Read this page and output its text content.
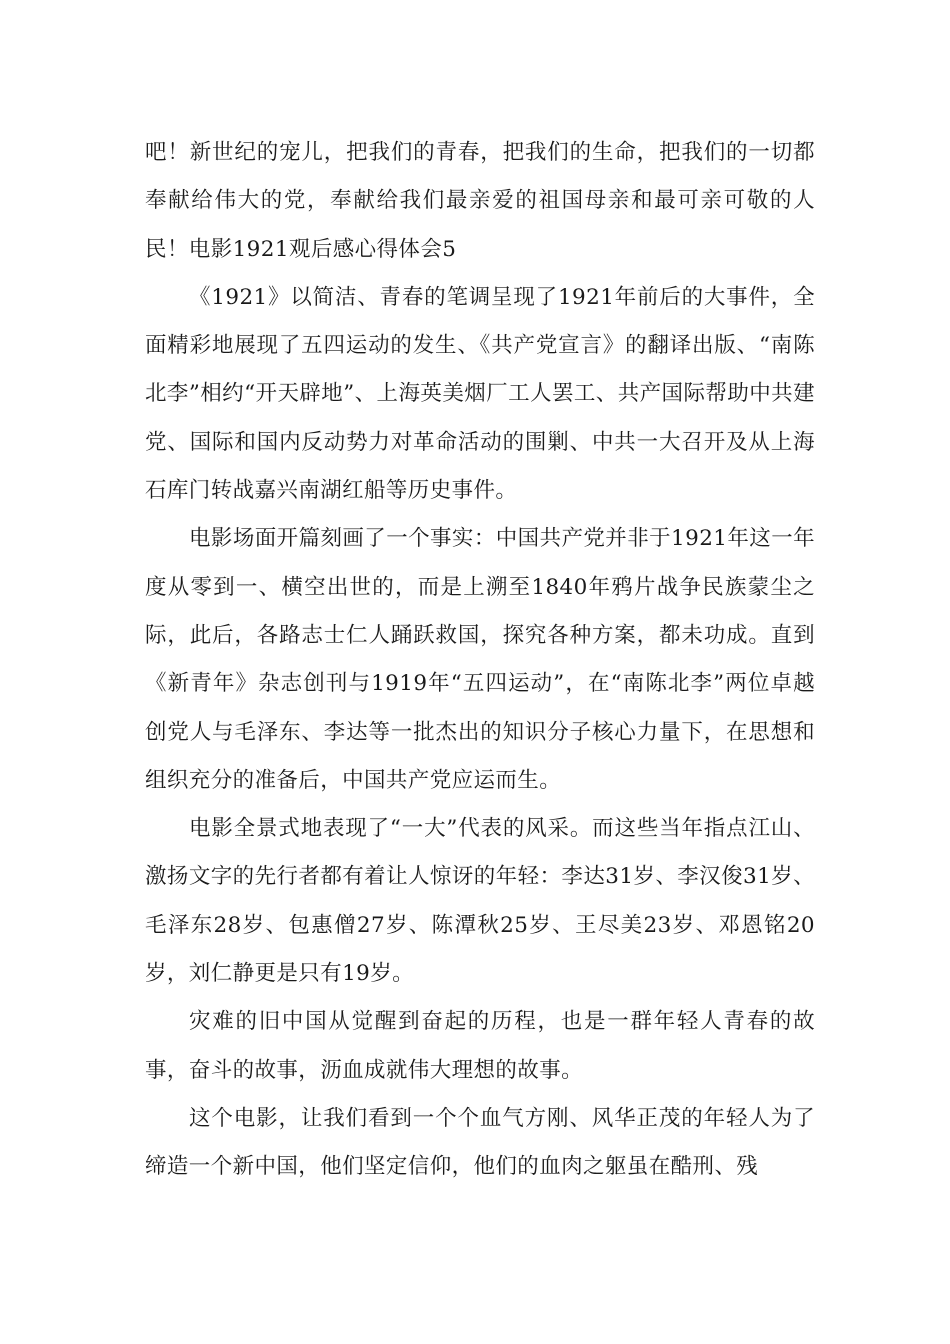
吧！新世纪的宠儿，把我们的青春，把我们的生命，把我们的一切都奉献给伟大的党，奉献给我们最亲爱的祖国母亲和最可亲可敬的人民！电影1921观后感心得体会5

《1921》以简洁、青春的笔调呈现了1921年前后的大事件，全面精彩地展现了五四运动的发生、《共产党宣言》的翻译出版、“南陈北李”相约“开天辟地”、上海英美烟厂工人罢工、共产国际帮助中共建党、国际和国内反动势力对革命活动的围剿、中共一大召开及从上海石库门转战嘉兴南湖红船等历史事件。

电影场面开篇刻画了一个事实：中国共产党并非于1921年这一年度从零到一、横空出世的，而是上溯至1840年鸦片战争民族蒙尘之际，此后，各路志士仁人踊跃救国，探究各种方案，都未功成。直到《新青年》杂志创刊与1919年“五四运动”，在“南陈北李”两位卓越创党人与毛泽东、李达等一批杰出的知识分子核心力量下，在思想和组织充分的准备后，中国共产党应运而生。

电影全景式地表现了“一大”代表的风采。而这些当年指点江山、激扬文字的先行者都有着让人惊讶的年轻：李达31岁、李汉俊31岁、毛泽东28岁、包惠僧27岁、陈潭秋25岁、王尽美23岁、邓恩铭20岁，刘仁静更是只有19岁。

灾难的旧中国从觉醒到奋起的历程，也是一群年轻人青春的故事，奋斗的故事，沥血成就伟大理想的故事。

这个电影，让我们看到一个个血气方刚、风华正茂的年轻人为了缔造一个新中国，他们坚定信仰，他们的血肉之躯虽在酷刑、残
